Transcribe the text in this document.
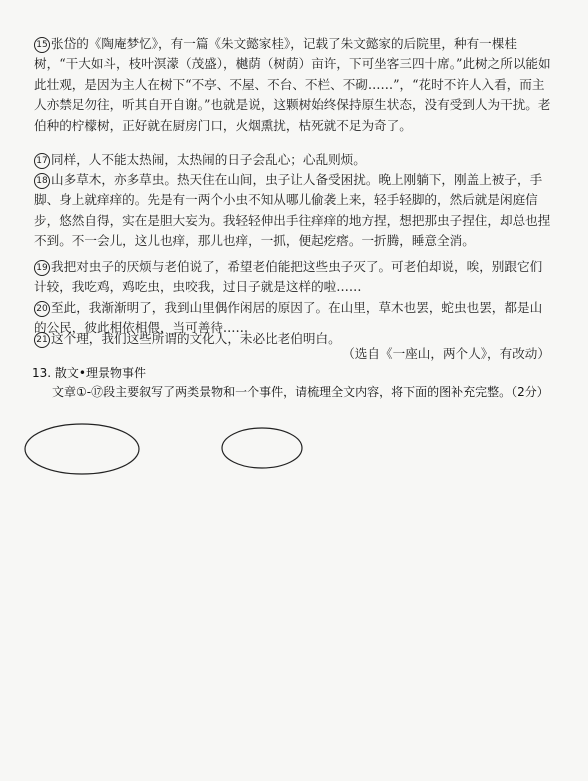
15 张岱的《陶庵梦忆》，有一篇《朱文懿家桂》，记载了朱文懿家的后院里，种有一棵桂树，“干大如斗，枝叶溟濛（茂盛），樾荫（树荫）亩许，下可坐客三四十席。”此树之所以能如此壮观，是因为主人在树下“不亭、不屋、不台、不栏、不砌……”，“花时不许人入看，而主人亦禁足勿往，听其自开自谢。”也就是说，这颗树始终保持原生状态，没有受到人为干扰。老伯种的柠檬树，正好就在厨房门口，火烟熏扰，枯死就不足为奇了。

17 同样，人不能太热闹，太热闹的日子会乱心；心乱则烦。

18 山多草木，亦多草虫。热天住在山间，虫子让人备受困扰。晚上刚躺下，刚盖上被子，手脚、身上就痒痒的。先是有一两个小虫不知从哪儿偷袭上来，轻手轻脚的，然后就是闲庭信步，悠然自得，实在是胆大妄为。我轻轻伸出手往痒痒的地方捏，想把那虫子捏住，却总也捏不到。不一会儿，这儿也痒，那儿也痒，一抓，便起疙瘩。一折腾，睡意全消。

19 我把对虫子的厌烦与老伯说了，希望老伯能把这些虫子灭了。可老伯却说，唉，别跟它们计较，我吃鸡，鸡吃虫，虫咬我，过日子就是这样的啦……

20 至此，我渐渐明了，我到山里偶作闲居的原因了。在山里，草木也罢，蛇虫也罢，都是山的公民，彼此相依相偎，当可善待……

21 这个理，我们这些所谓的文化人，未必比老伯明白。

（选自《一座山，两个人》，有改动）
13. 散文•理景物事件
文章①-⑰段主要叙写了两类景物和一个事件，请梳理全文内容，将下面的图补充完整。（2分）
